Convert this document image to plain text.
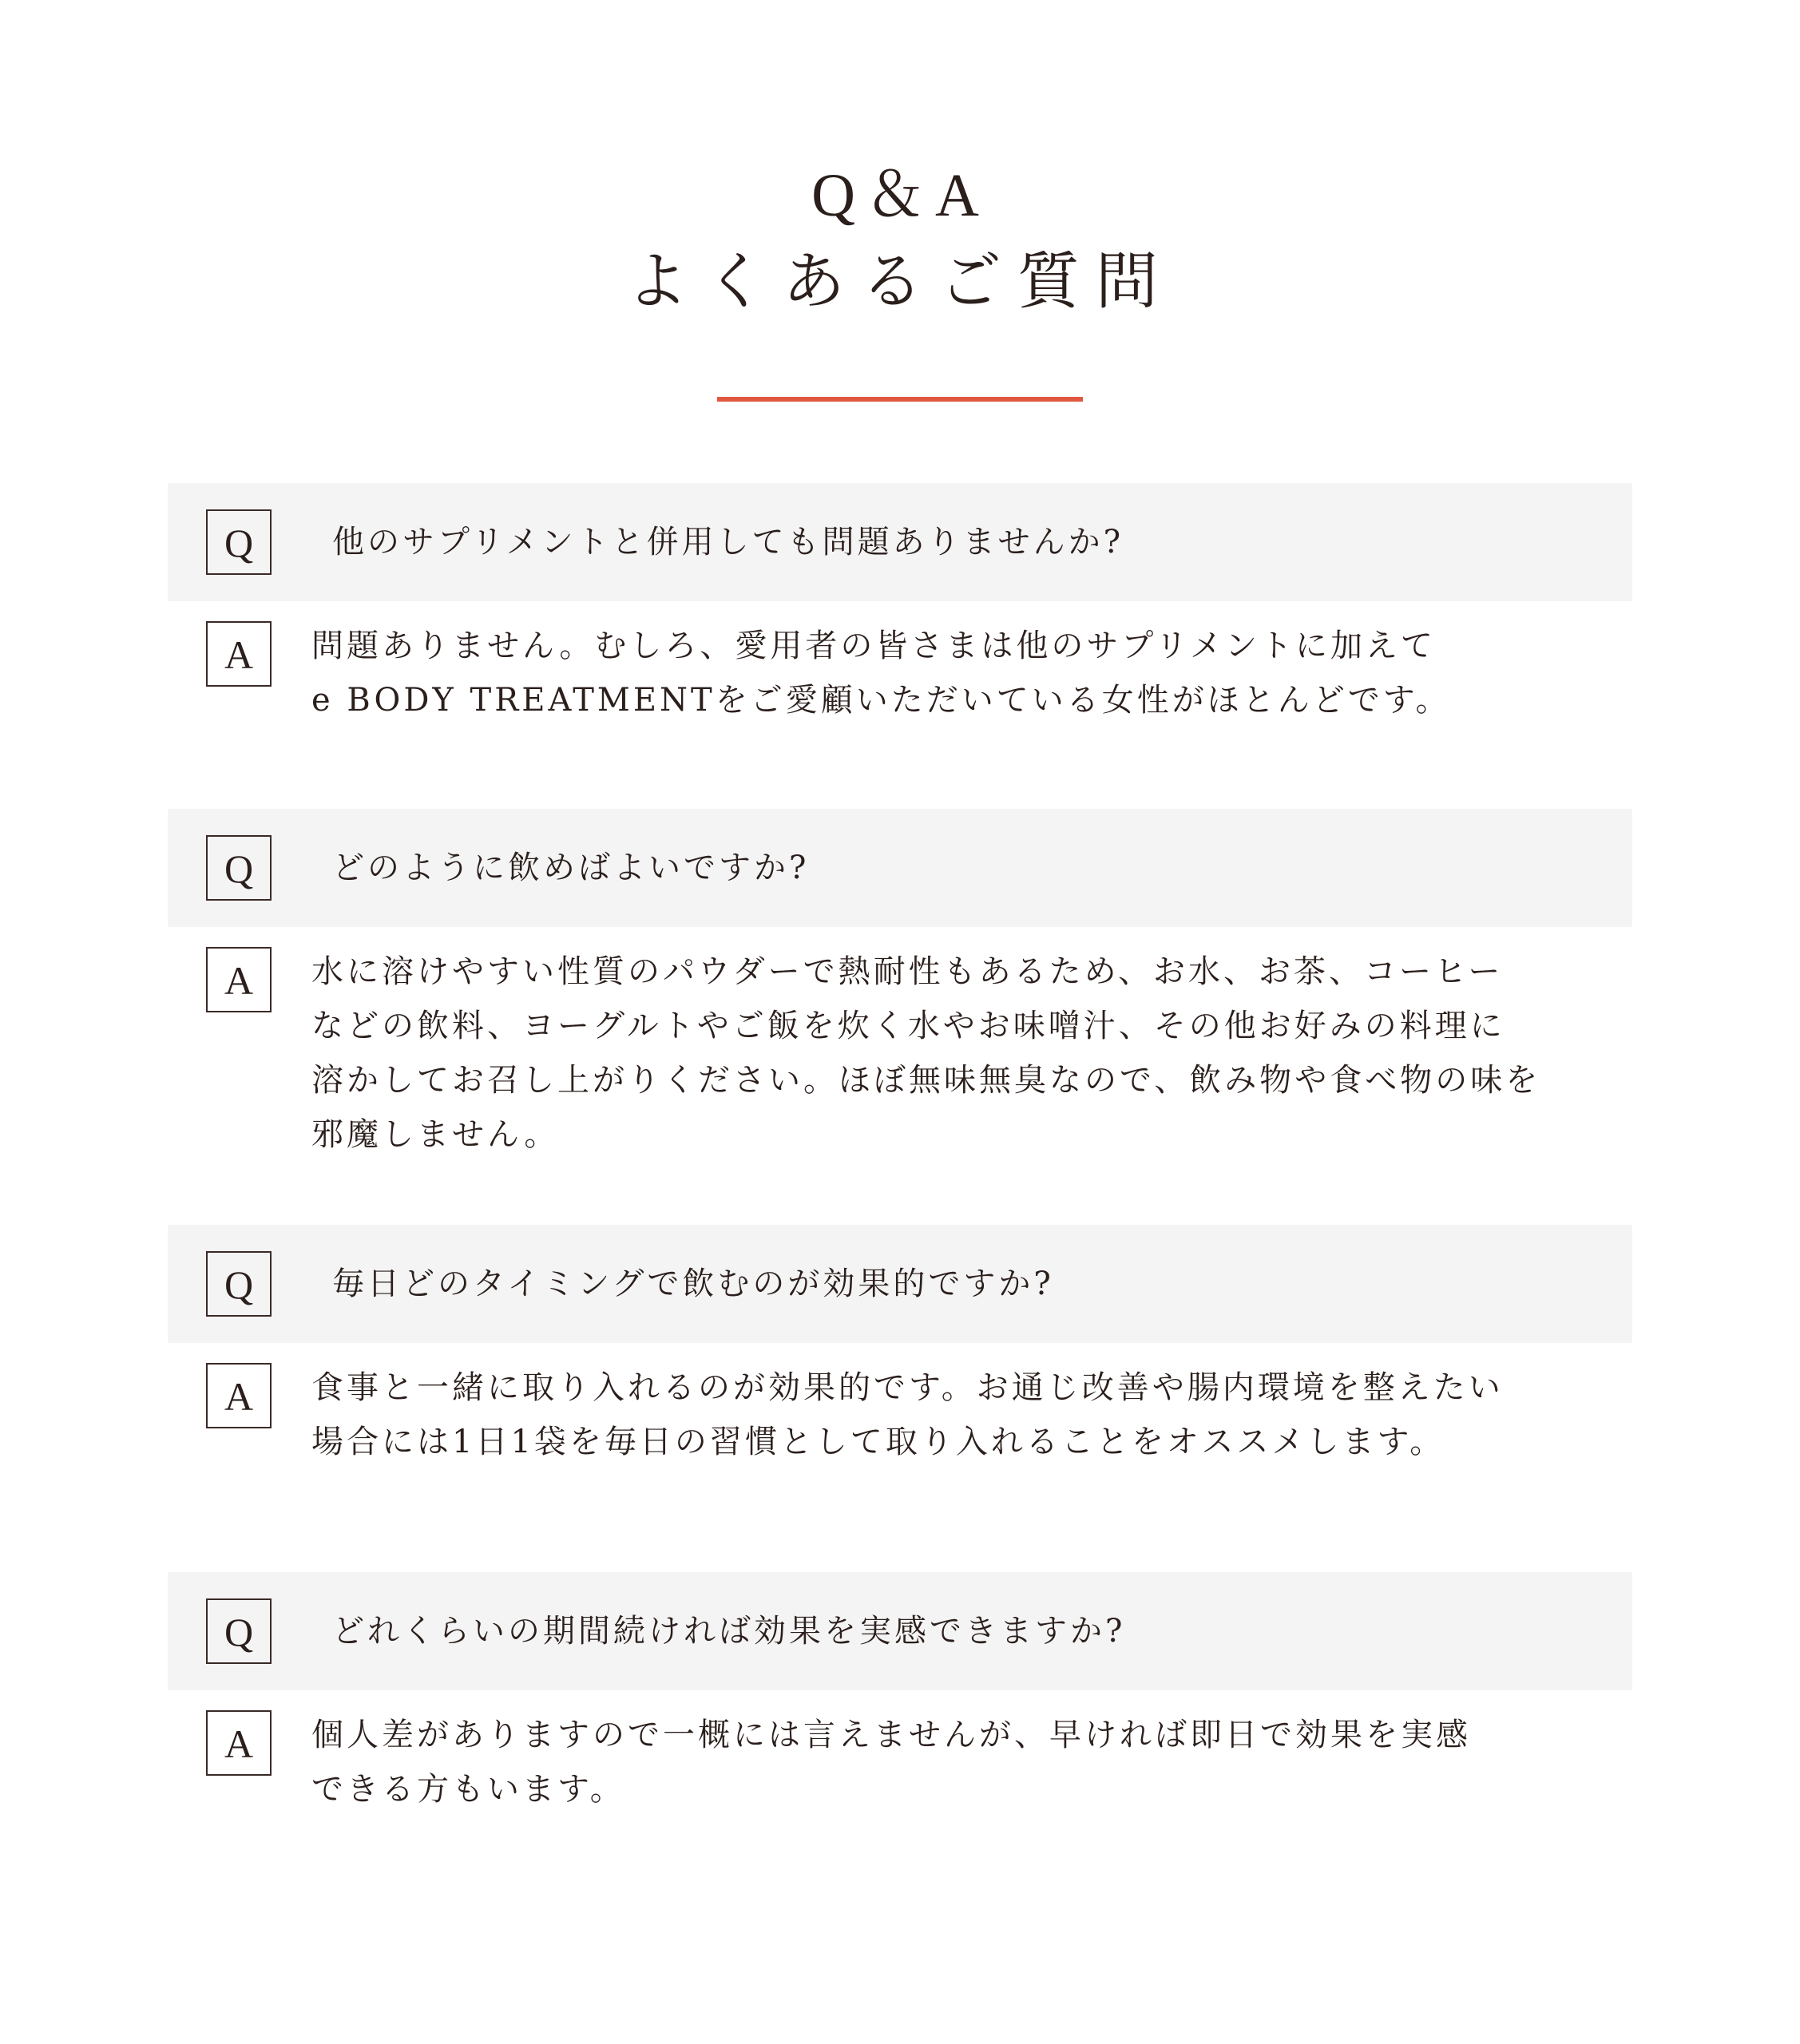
Q＆A
よくあるご質問
Q	他のサプリメントと併用しても問題ありませんか?
A	問題ありません。むしろ、愛用者の皆さまは他のサプリメントに加えて
e BODY TREATMENTをご愛顧いただいている女性がほとんどです。
Q	どのように飲めばよいですか?
A	水に溶けやすい性質のパウダーで熱耐性もあるため、お水、お茶、コーヒー
などの飲料、ヨーグルトやご飯を炊く水やお味噌汁、その他お好みの料理に
溶かしてお召し上がりください。ほぼ無味無臭なので、飲み物や食べ物の味を
邪魔しません。
Q	毎日どのタイミングで飲むのが効果的ですか?
A	食事と一緒に取り入れるのが効果的です。お通じ改善や腸内環境を整えたい
場合には1日1袋を毎日の習慣として取り入れることをオススメします。
Q	どれくらいの期間続ければ効果を実感できますか?
A	個人差がありますので一概には言えませんが、早ければ即日で効果を実感
できる方もいます。
